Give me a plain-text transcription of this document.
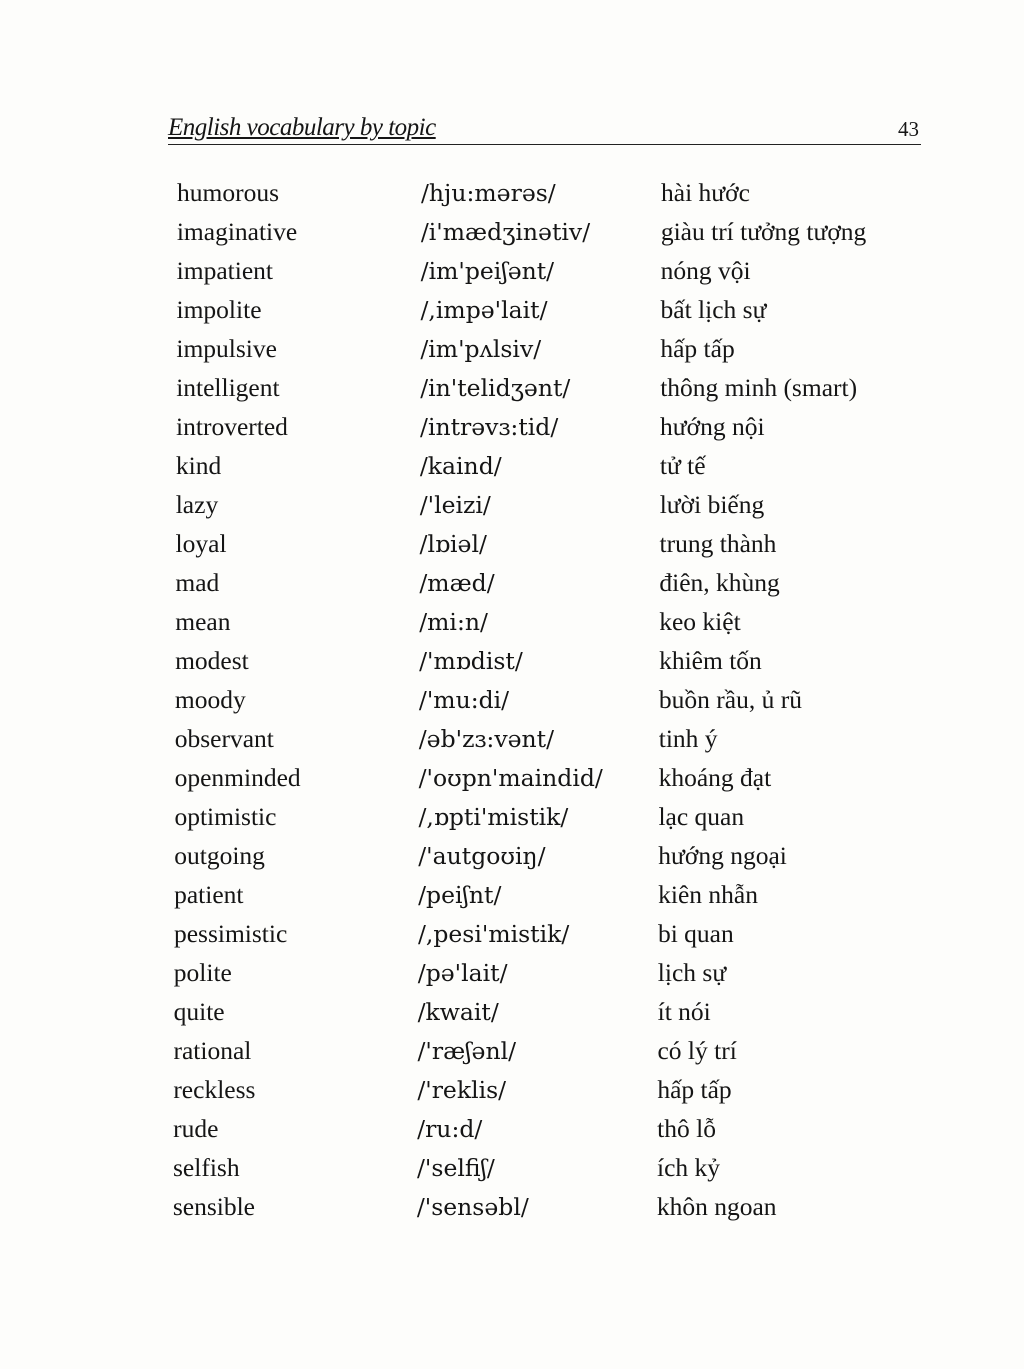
English vocabulary by topic	43
humorous	/hju:mərəs/	hài hước
imaginative	/i'mædʒinətiv/	giàu trí tưởng tượng
impatient	/im'peiʃənt/	nóng vội
impolite	/,impə'lait/	bất lịch sự
impulsive	/im'pʌlsiv/	hấp tấp
intelligent	/in'telidʒənt/	thông minh (smart)
introverted	/intrəvɜ:tid/	hướng nội
kind	/kaind/	tử tế
lazy	/'leizi/	lười biếng
loyal	/lɒiəl/	trung thành
mad	/mæd/	điên, khùng
mean	/mi:n/	keo kiệt
modest	/'mɒdist/	khiêm tốn
moody	/'mu:di/	buồn rầu, ủ rũ
observant	/əb'zɜ:vənt/	tinh ý
openminded	/'oʊpn'maindid/ khoáng đạt
optimistic	/,ɒpti'mistik/	lạc quan
outgoing	/'autgoʊiŋ/	hướng ngoại
patient	/peiʃnt/	kiên nhẫn
pessimistic	/,pesi'mistik/	bi quan
polite	/pə'lait/	lịch sự
quite	/kwait/	ít nói
rational	/'ræʃənl/	có lý trí
reckless	/'reklis/	hấp tấp
rude	/ru:d/	thô lỗ
selfish	/'selfiʃ/	ích kỷ
sensible	/'sensəbl/	khôn ngoan
